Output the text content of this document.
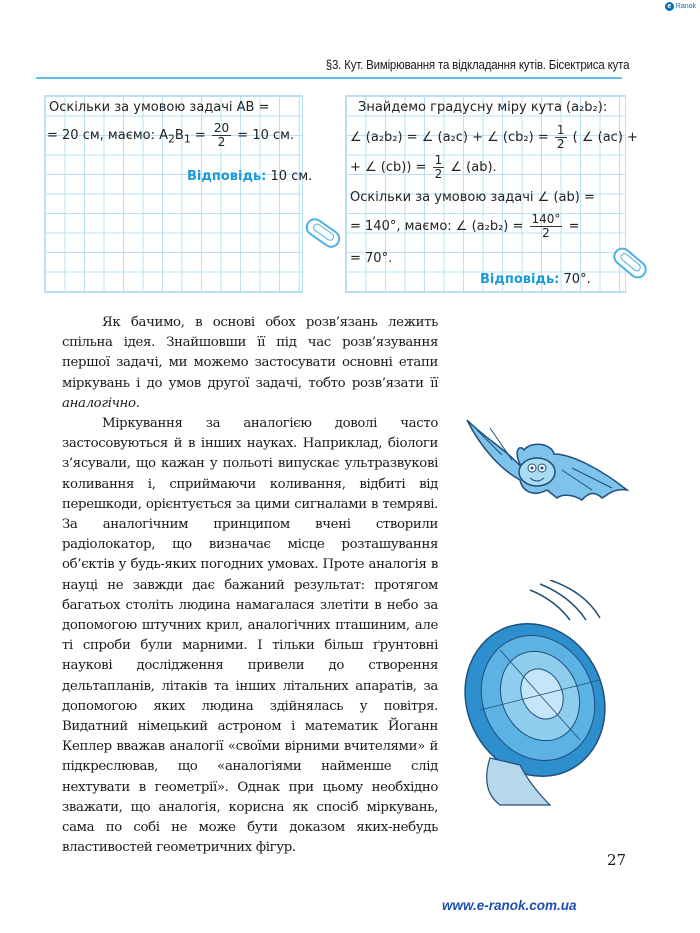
e Ranok
§3. Кут. Вимірювання та відкладання кутів. Бісектриса кута
Оскільки за умовою задачі AB =
= 20 см, маємо: $A_2B_1 = \frac{20}{2} = 10$ см.
Відповідь: 10 см.
Знайдемо градусну міру кута (a₂b₂):
∠ (a₂b₂) = ∠ (a₂c) + ∠ $(cb_2) = \frac{1}{2}$ ( ∠ (ac) +
+ ∠ $(cb)) = \frac{1}{2}$ ∠ (ab).
Оскільки за умовою задачі ∠ (ab) =
= 140°, маємо: ∠ $(a_2b_2) = \frac{140^\circ}{2}$ =
= 70°.
Відповідь: 70°.

Як бачимо, в основі обох розв’язань лежить спільна ідея. Знайшовши її під час розв’язування першої задачі, ми можемо застосувати основні етапи міркувань і до умов другої задачі, тобто розв’язати її аналогічно.

Міркування за аналогією доволі часто застосовуються й в інших науках. Наприклад, біологи з’ясували, що кажан у польоті випускає ультразвукові коливання і, сприймаючи коливання, відбиті від перешкоди, орієнтується за цими сигналами в темряві. За аналогічним принципом вчені створили радіолокатор, що визначає місце розташування об’єктів у будь-яких погодних умовах. Проте аналогія в науці не завжди дає бажаний результат: протягом багатьох століть людина намагалася злетіти в небо за допомогою штучних крил, аналогічних пташиним, але ті спроби були марними. І тільки більш ґрунтовні наукові дослідження привели до створення дельтапланів, літаків та інших літальних апаратів, за допомогою яких людина здійнялась у повітря. Видатний німецький астроном і математик Йоганн Кеплер вважав аналогії «своїми вірними вчителями» й підкреслював, що «аналогіями найменше слід нехтувати в геометрії». Однак при цьому необхідно зважати, що аналогія, корисна як спосіб міркувань, сама по собі не може бути доказом яких-небудь властивостей геометричних фігур.

27
www.e-ranok.com.ua
